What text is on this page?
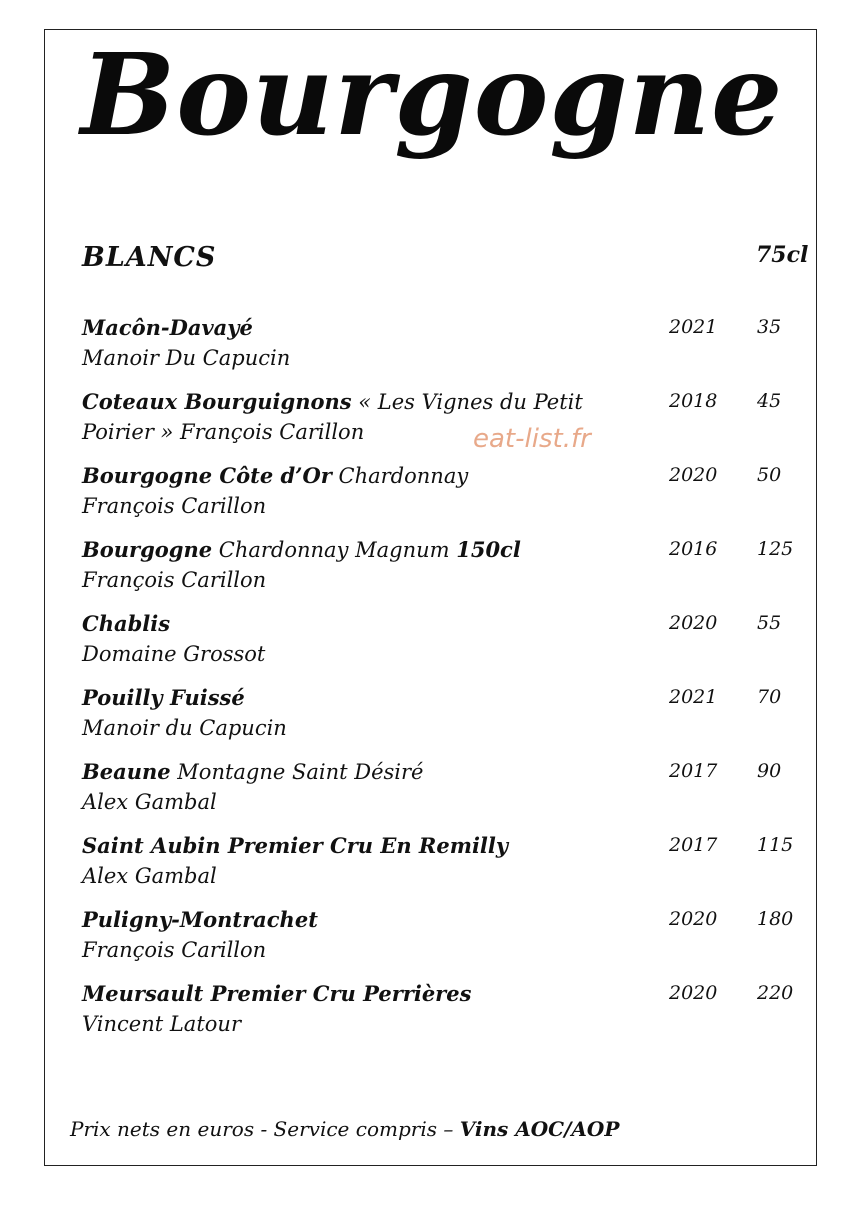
Bourgogne
BLANCS	75cl
Macôn-Davayé
Manoir Du Capucin
2021 35
Coteaux Bourguignons « Les Vignes du Petit
Poirier » François Carillon
2018 45
Bourgogne Côte d’Or Chardonnay
François Carillon
2020 50
Bourgogne Chardonnay Magnum 150cl
François Carillon
2016 125
Chablis
Domaine Grossot
2020 55
Pouilly Fuissé
Manoir du Capucin
2021 70
Beaune Montagne Saint Désiré
Alex Gambal
2017 90
Saint Aubin Premier Cru En Remilly
Alex Gambal
2017 115
Puligny-Montrachet
François Carillon
2020 180
Meursault Premier Cru Perrières
Vincent Latour
2020 220
eat-list.fr
Prix nets en euros - Service compris – Vins AOC/AOP
